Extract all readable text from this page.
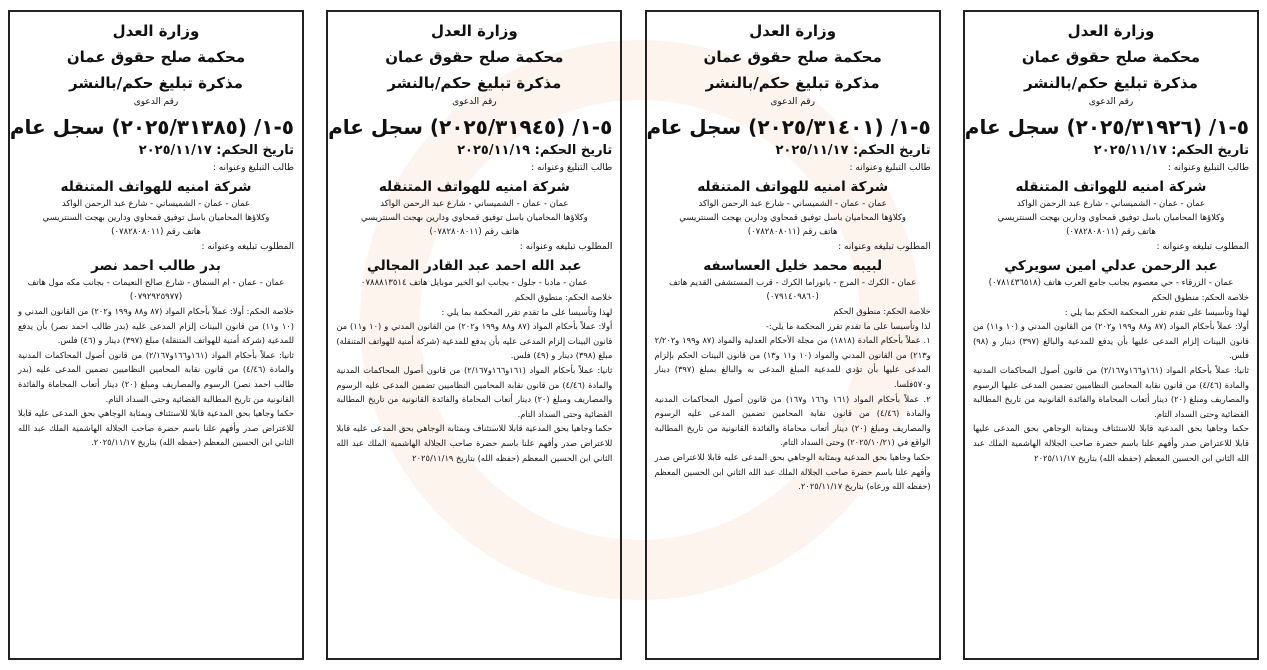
وزارة العدل
محكمة صلح حقوق عمان
مذكرة تبليغ حكم/بالنشر
رقم الدعوى
٥-١/ (٢٠٢٥/٣١٩٢٦) سجل عام
تاريخ الحكم: ٢٠٢٥/١١/١٧
طالب التبليغ وعنوانه :
شركة امنيه للهواتف المتنقله
عمان - عمان - الشميساني - شارع عبد الرحمن الواكد
وكلاؤها المحاميان باسل توفيق قمحاوي ودارين بهجت السنتريسي
هاتف رقم (٠٧٨٢٨٠٨٠١١)
المطلوب تبليغه وعنوانه :
عبد الرحمن عدلي امين سويركي
عمان - الزرقاء - حي معصوم بجانب جامع العرب هاتف (٠٧٨١٤٣٦٥١٨)
خلاصة الحكم: منطوق الحكم
لهذا وتأسيسا على تقدم تقرر المحكمة الحكم بما يلي :
أولا: عملاً بأحكام المواد (٨٧ و٨٨ و١٩٩ و٢٠٢) من القانون المدني و (١٠ و١١) من قانون البينات إلزام المدعى عليها بأن يدفع للمدعية والبالغ (٣٩٧) دينار و (٩٨) فلس.
ثانيا: عملاً بأحكام المواد (١٦١و١٦٦و٢/١٦٧) من قانون أصول المحاكمات المدنية والمادة (٤/٤٦) من قانون نقابة المحامين النظاميين تضمين المدعى عليها الرسوم والمصاريف ومبلغ (٢٠) دينار أتعاب المحاماة والفائدة القانونية من تاريخ المطالبة القضائية وحتى السداد التام.
حكما وجاهيا بحق المدعية قابلا للاستئناف وبمثابة الوجاهي بحق المدعى عليها قابلا للاعتراض صدر وأفهم علنا باسم حضرة صاحب الجلالة الهاشمية الملك عبد الله الثاني ابن الحسين المعظم (حفظه الله) بتاريخ ٢٠٢٥/١١/١٧
وزارة العدل
محكمة صلح حقوق عمان
مذكرة تبليغ حكم/بالنشر
رقم الدعوى
٥-١/ (٢٠٢٥/٣١٤٠١) سجل عام
تاريخ الحكم: ٢٠٢٥/١١/١٧
طالب التبليغ وعنوانه :
شركة امنيه للهواتف المتنقله
عمان - عمان - الشميساني - شارع عبد الرحمن الواكد
وكلاؤها المحاميان باسل توفيق قمحاوي ودارين بهجت السنتريسي
هاتف رقم (٠٧٨٢٨٠٨٠١١)
المطلوب تبليغه وعنوانه :
لبيبه محمد خليل العساسفه
عمان - الكرك - المرج - بانوراما الكرك - قرب المستشفى القديم هاتف (٠٧٩١٤٠٩٨٦٠)
خلاصة الحكم: منطوق الحكم
لذا وتأسيسا على ما تقدم تقرر المحكمة ما يلي:-
١. عملاً بأحكام المادة (١٨١٨) من مجلة الأحكام العدلية والمواد (٨٧ و١٩٩ و٢/٢٠٢ و٢١٣) من القانون المدني والمواد (١٠ و١١ و١٣) من قانون البينات الحكم بإلزام المدعى عليها بأن تؤدي للمدعية المبلغ المدعى به والبالغ بمبلغ (٣٩٧) دينار و٥٧٠فلسا.
٢. عملاً بأحكام المواد (١٦١ و١٦٦ و١٦٧) من قانون أصول المحاكمات المدنية والمادة (٤/٤٦) من قانون نقابة المحامين تضمين المدعى عليه الرسوم والمصاريف ومبلغ (٢٠) دينار أتعاب محاماة والفائدة القانونية من تاريخ المطالبة الواقع في (٢٠٢٥/١٠/٢١) وحتى السداد التام.
حكما وجاهيا بحق المدعية وبمثابة الوجاهي بحق المدعى عليه قابلا للاعتراض صدر وأفهم علنا باسم حضرة صاحب الجلالة الملك عبد الله الثاني ابن الحسين المعظم (حفظه الله ورعاه) بتاريخ ٢٠٢٥/١١/١٧.
وزارة العدل
محكمة صلح حقوق عمان
مذكرة تبليغ حكم/بالنشر
رقم الدعوى
٥-١/ (٢٠٢٥/٣١٩٤٥) سجل عام
تاريخ الحكم: ٢٠٢٥/١١/١٩
طالب التبليغ وعنوانه :
شركة امنيه للهواتف المتنقله
عمان - عمان - الشميساني - شارع عبد الرحمن الواكد
وكلاؤها المحاميان باسل توفيق قمحاوي ودارين بهجت السنتريسي
هاتف رقم (٠٧٨٢٨٠٨٠١١)
المطلوب تبليغه وعنوانه :
عبد الله احمد عبد القادر المجالي
عمان - مادبا - جلول - بجانب ابو الخير موبايل هاتف ٠٧٨٨٨١٣٥١٤
خلاصة الحكم: منطوق الحكم
لهذا وتأسيسا على ما تقدم تقرر المحكمة بما يلي :
أولا: عملاً بأحكام المواد (٨٧ و٨٨ و١٩٩ و٢٠٢) من القانون المدني و (١٠ و١١) من قانون البينات إلزام المدعى عليه بأن يدفع للمدعية (شركة أمنية للهواتف المتنقلة) مبلغ (٣٩٨) دينار و (٤٩) فلس.
ثانيا: عملاً بأحكام المواد (١٦١و١٦٦و٢/١٦٧) من قانون أصول المحاكمات المدنية والمادة (٤/٤٦) من قانون نقابة المحامين النظاميين تضمين المدعى عليه الرسوم والمصاريف ومبلغ (٢٠) دينار أتعاب المحاماة والفائدة القانونية من تاريخ المطالبة القضائية وحتى السداد التام.
حكما وجاهيا بحق المدعية قابلا للاستئناف وبمثابة الوجاهي بحق المدعى عليه قابلا للاعتراض صدر وأفهم علنا باسم حضرة صاحب الجلالة الهاشمية الملك عبد الله الثاني ابن الحسين المعظم (حفظه الله) بتاريخ ٢٠٢٥/١١/١٩
وزارة العدل
محكمة صلح حقوق عمان
مذكرة تبليغ حكم/بالنشر
رقم الدعوى
٥-١/ (٢٠٢٥/٣١٣٨٥) سجل عام
تاريخ الحكم: ٢٠٢٥/١١/١٧
طالب التبليغ وعنوانه :
شركة امنيه للهواتف المتنقله
عمان - عمان - الشميساني - شارع عبد الرحمن الواكد
وكلاؤها المحاميان باسل توفيق قمحاوي ودارين بهجت السنتريسي
هاتف رقم (٠٧٨٢٨٠٨٠١١)
المطلوب تبليغه وعنوانه :
بدر طالب احمد نصر
عمان - عمان - ام السماق - شارع صالح النعيمات - بجانب مكه مول هاتف (٠٧٩٢٩٢٥٩٧٧)
خلاصة الحكم: أولا: عملاً بأحكام المواد (٨٧ و٨٨ و١٩٩ و٢٠٢) من القانون المدني و (١٠ و١١) من قانون البينات إلزام المدعى عليه (بدر طالب احمد نصر) بأن يدفع للمدعية (شركة أمنية للهواتف المتنقلة) مبلغ (٣٩٧) دينار و (٤٦) فلس.
ثانيا: عملاً بأحكام المواد (١٦١و١٦٦و٢/١٦٧) من قانون أصول المحاكمات المدنية والمادة (٤/٤٦) من قانون نقابة المحامين النظاميين تضمين المدعى عليه (بدر طالب احمد نصر) الرسوم والمصاريف ومبلغ (٢٠) دينار أتعاب المحاماة والفائدة القانونية من تاريخ المطالبة القضائية وحتى السداد التام.
حكما وجاهيا بحق المدعية قابلا للاستئناف وبمثابة الوجاهي بحق المدعى عليه قابلا للاعتراض صدر وأفهم علنا باسم حضرة صاحب الجلالة الهاشمية الملك عبد الله الثاني ابن الحسين المعظم (حفظه الله) بتاريخ ٢٠٢٥/١١/١٧.
